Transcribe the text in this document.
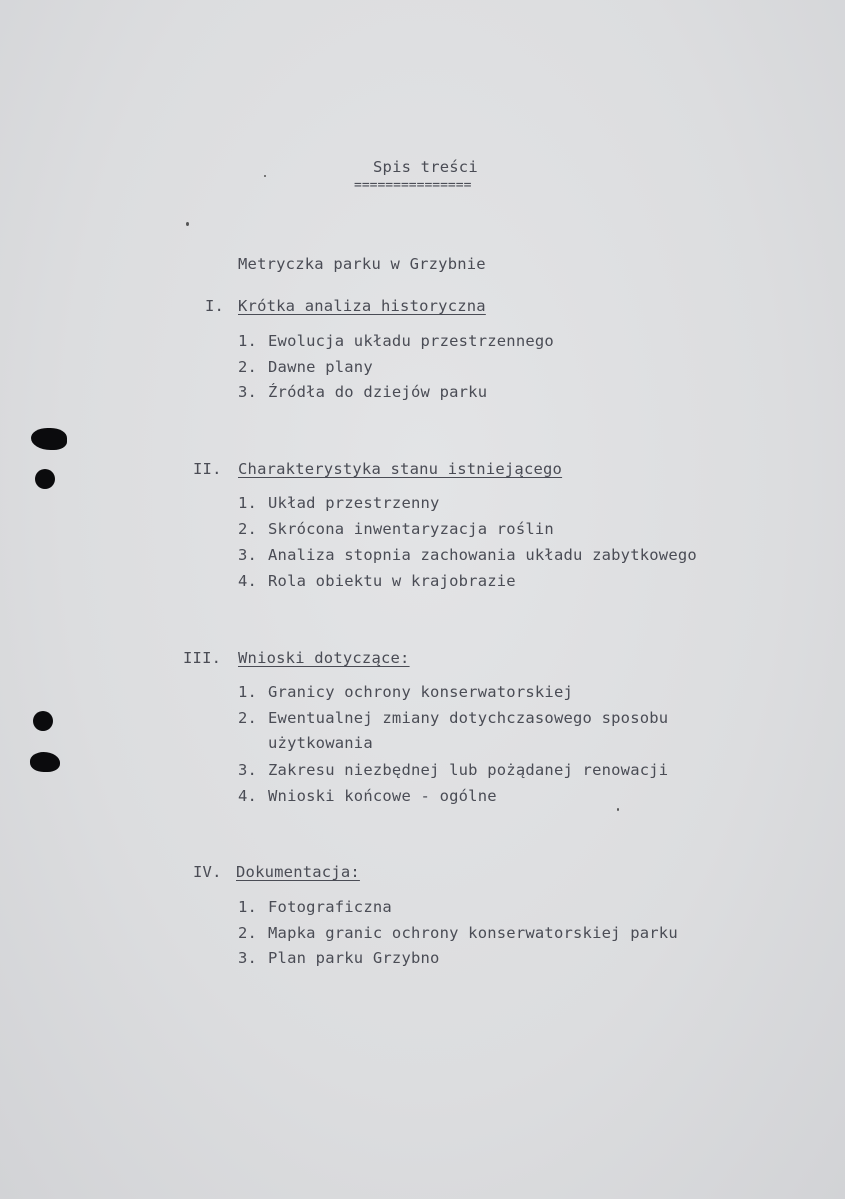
Spis treści
===============
Metryczka parku w Grzybnie
I. Krótka analiza historyczna
1. Ewolucja układu przestrzennego
2. Dawne plany
3. Źródła do dziejów parku
II. Charakterystyka stanu istniejącego
1. Układ przestrzenny
2. Skrócona inwentaryzacja roślin
3. Analiza stopnia zachowania układu zabytkowego
4. Rola obiektu w krajobrazie
III. Wnioski dotyczące:
1. Granicy ochrony konserwatorskiej
2. Ewentualnej zmiany dotychczasowego sposobu
użytkowania
3. Zakresu niezbędnej lub pożądanej renowacji
4. Wnioski końcowe - ogólne
IV. Dokumentacja:
1. Fotograficzna
2. Mapka granic ochrony konserwatorskiej parku
3. Plan parku Grzybno
